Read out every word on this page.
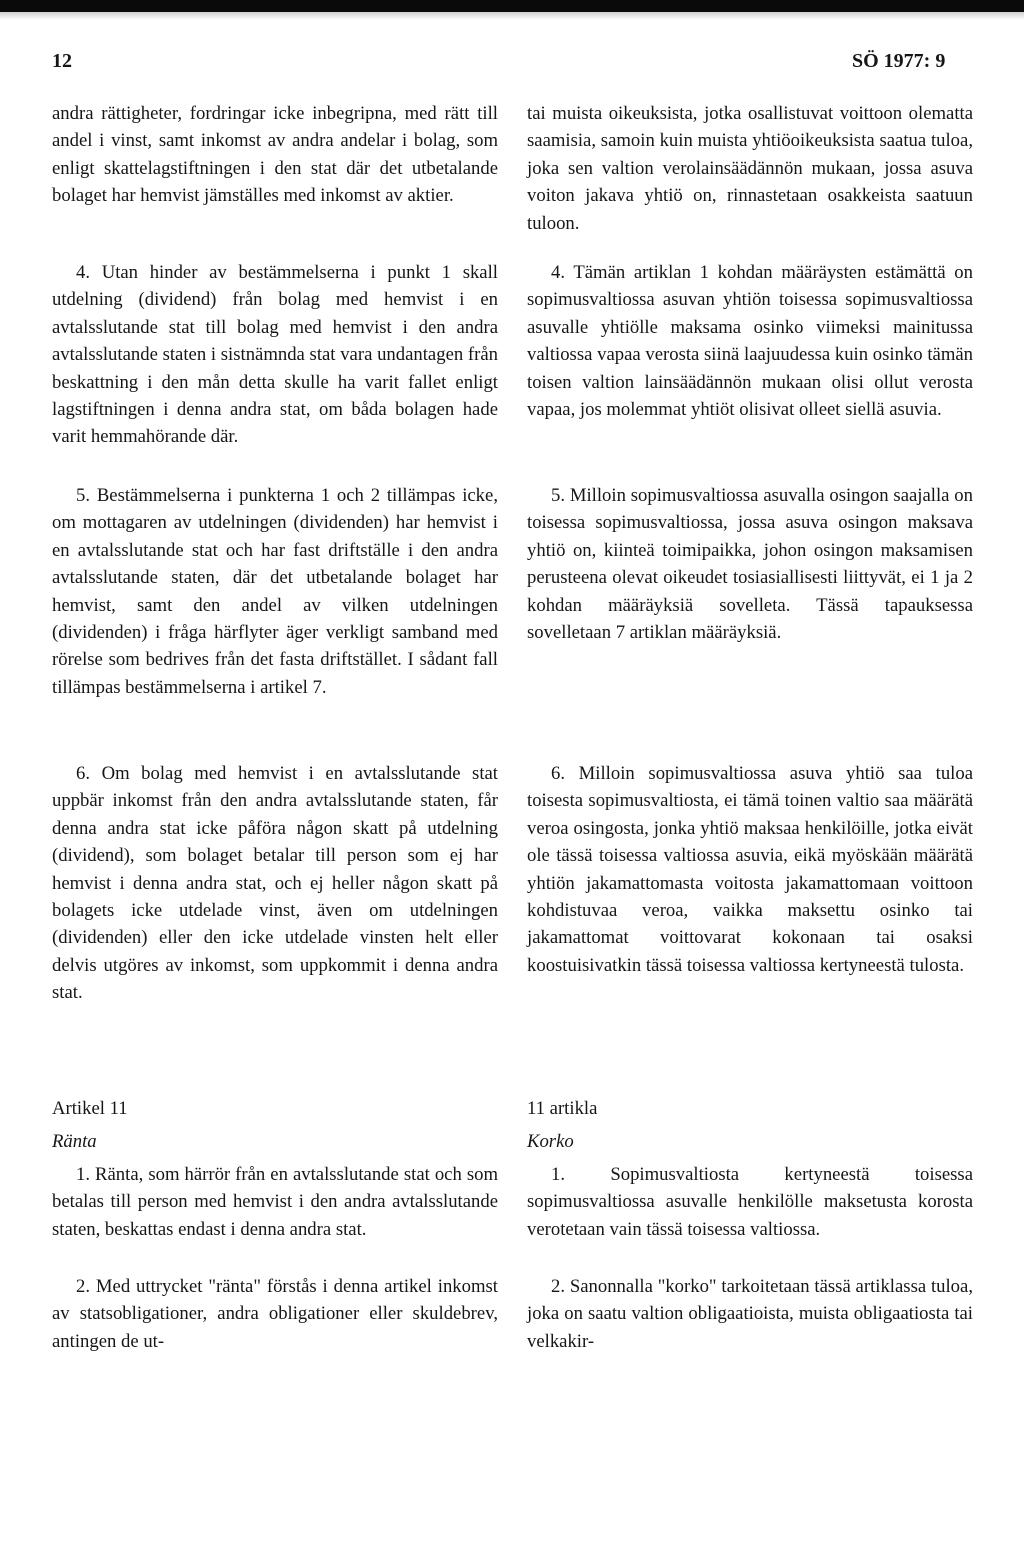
12	SÖ 1977: 9

andra rättigheter, fordringar icke inbegripna, med rätt till andel i vinst, samt inkomst av andra andelar i bolag, som enligt skattelagstiftningen i den stat där det utbetalande bolaget har hemvist jämställes med inkomst av aktier.

4. Utan hinder av bestämmelserna i punkt 1 skall utdelning (dividend) från bolag med hemvist i en avtalsslutande stat till bolag med hemvist i den andra avtalsslutande staten i sistnämnda stat vara undantagen från beskattning i den mån detta skulle ha varit fallet enligt lagstiftningen i denna andra stat, om båda bolagen hade varit hemmahörande där.

5. Bestämmelserna i punkterna 1 och 2 tillämpas icke, om mottagaren av utdelningen (dividenden) har hemvist i en avtalsslutande stat och har fast driftställe i den andra avtalsslutande staten, där det utbetalande bolaget har hemvist, samt den andel av vilken utdelningen (dividenden) i fråga härflyter äger verkligt samband med rörelse som bedrives från det fasta driftstället. I sådant fall tillämpas bestämmelserna i artikel 7.

6. Om bolag med hemvist i en avtalsslutande stat uppbär inkomst från den andra avtalsslutande staten, får denna andra stat icke påföra någon skatt på utdelning (dividend), som bolaget betalar till person som ej har hemvist i denna andra stat, och ej heller någon skatt på bolagets icke utdelade vinst, även om utdelningen (dividenden) eller den icke utdelade vinsten helt eller delvis utgöres av inkomst, som uppkommit i denna andra stat.

Artikel 11
Ränta

1. Ränta, som härrör från en avtalsslutande stat och som betalas till person med hemvist i den andra avtalsslutande staten, beskattas endast i denna andra stat.

2. Med uttrycket "ränta" förstås i denna artikel inkomst av statsobligationer, andra obligationer eller skuldebrev, antingen de ut-

tai muista oikeuksista, jotka osallistuvat voittoon olematta saamisia, samoin kuin muista yhtiöoikeuksista saatua tuloa, joka sen valtion verolainsäädännön mukaan, jossa asuva voiton jakava yhtiö on, rinnastetaan osakkeista saatuun tuloon.

4. Tämän artiklan 1 kohdan määräysten estämättä on sopimusvaltiossa asuvan yhtiön toisessa sopimusvaltiossa asuvalle yhtiölle maksama osinko viimeksi mainitussa valtiossa vapaa verosta siinä laajuudessa kuin osinko tämän toisen valtion lainsäädännön mukaan olisi ollut verosta vapaa, jos molemmat yhtiöt olisivat olleet siellä asuvia.

5. Milloin sopimusvaltiossa asuvalla osingon saajalla on toisessa sopimusvaltiossa, jossa asuva osingon maksava yhtiö on, kiinteä toimipaikka, johon osingon maksamisen perusteena olevat oikeudet tosiasiallisesti liittyvät, ei 1 ja 2 kohdan määräyksiä sovelleta. Tässä tapauksessa sovelletaan 7 artiklan määräyksiä.

6. Milloin sopimusvaltiossa asuva yhtiö saa tuloa toisesta sopimusvaltiosta, ei tämä toinen valtio saa määrätä veroa osingosta, jonka yhtiö maksaa henkilöille, jotka eivät ole tässä toisessa valtiossa asuvia, eikä myöskään määrätä yhtiön jakamattomasta voitosta jakamattomaan voittoon kohdistuvaa veroa, vaikka maksettu osinko tai jakamattomat voittovarat kokonaan tai osaksi koostuisivatkin tässä toisessa valtiossa kertyneestä tulosta.

11 artikla
Korko

1. Sopimusvaltiosta kertyneestä toisessa sopimusvaltiossa asuvalle henkilölle maksetusta korosta verotetaan vain tässä toisessa valtiossa.

2. Sanonnalla "korko" tarkoitetaan tässä artiklassa tuloa, joka on saatu valtion obligaatioista, muista obligaatiosta tai velkakir-
